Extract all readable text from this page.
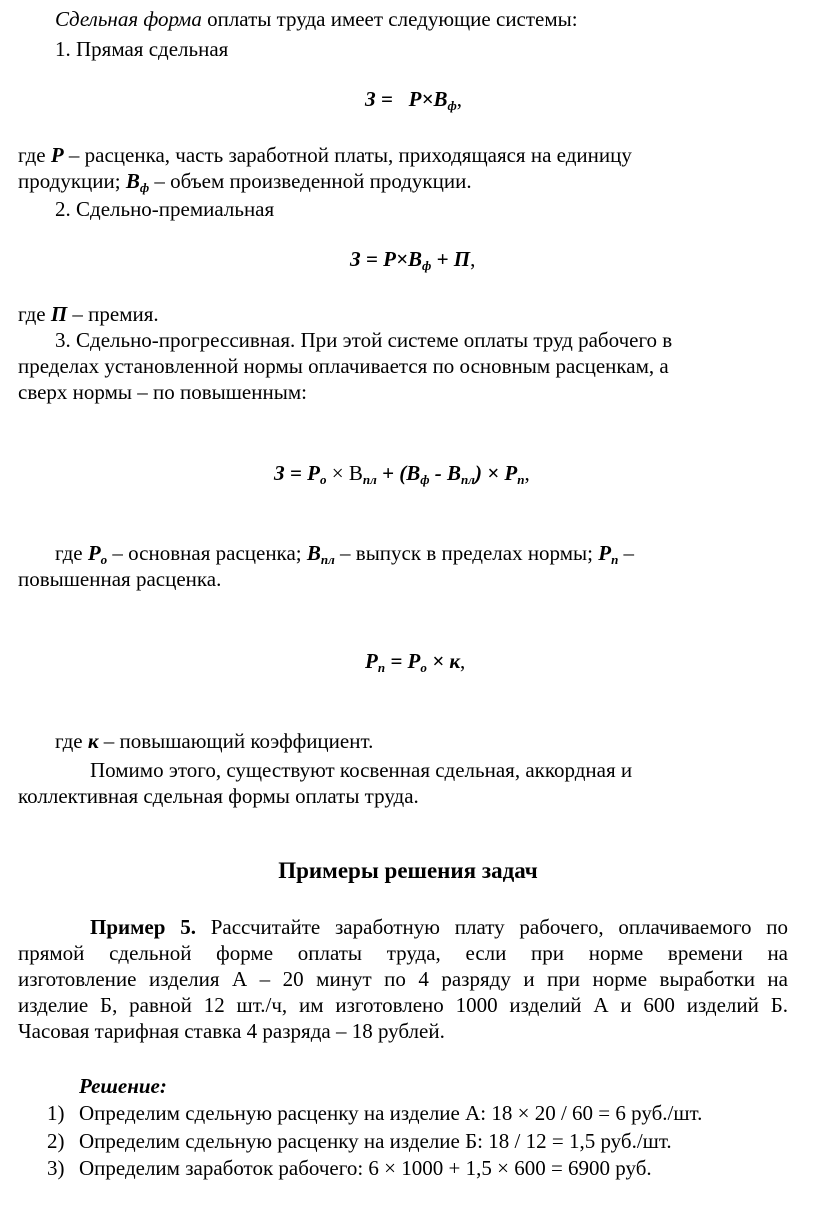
Сдельная форма оплаты труда имеет следующие системы:
1. Прямая сдельная
$З = Р\times В_ф$,
где Р – расценка, часть заработной платы, приходящаяся на единицу
продукции; $В_ф$ – объем произведенной продукции.
2. Сдельно-премиальная
$З = Р\times В_ф + П$,
где П – премия.
3. Сдельно-прогрессивная. При этой системе оплаты труд рабочего в
пределах установленной нормы оплачивается по основным расценкам, а
сверх нормы – по повышенным:
$З = Р_о \times В_{пл} + (В_ф - В_{пл}) \times Р_п$,
где $Р_о$ – основная расценка; $В_{пл}$ – выпуск в пределах нормы; $Р_п$ –
повышенная расценка.
$Р_п = Р_о \times к$,
где к – повышающий коэффициент.
Помимо этого, существуют косвенная сдельная, аккордная и
коллективная сдельная формы оплаты труда.
Примеры решения задач
Пример 5. Рассчитайте заработную плату рабочего, оплачиваемого по
прямой сдельной форме оплаты труда, если при норме времени на
изготовление изделия А – 20 минут по 4 разряду и при норме выработки на
изделие Б, равной 12 шт./ч, им изготовлено 1000 изделий А и 600 изделий Б.
Часовая тарифная ставка 4 разряда – 18 рублей.
Решение:
1) Определим сдельную расценку на изделие А: 18 × 20 / 60 = 6 руб./шт.
2) Определим сдельную расценку на изделие Б: 18 / 12 = 1,5 руб./шт.
3) Определим заработок рабочего: 6 × 1000 + 1,5 × 600 = 6900 руб.
